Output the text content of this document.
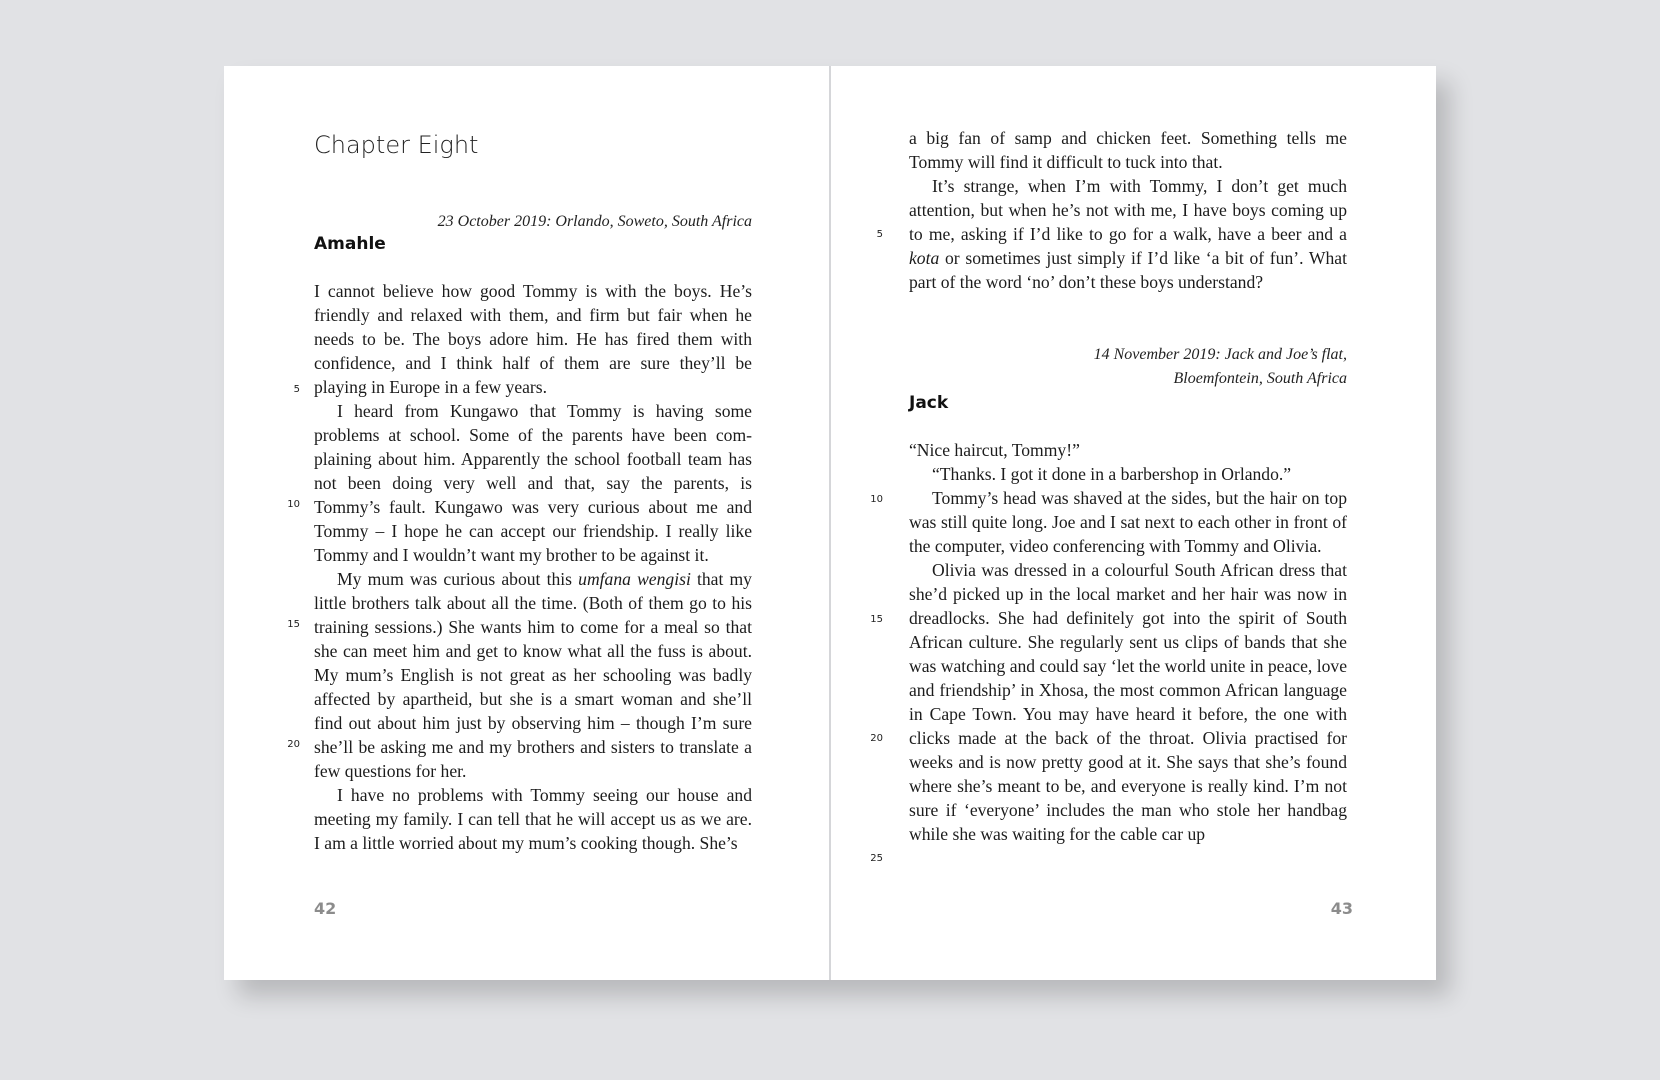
Chapter Eight
23 October 2019: Orlando, Soweto, South Africa
Amahle

I cannot believe how good Tommy is with the boys. He’s friendly and relaxed with them, and firm but fair when he needs to be. The boys adore him. He has fired them with confidence, and I think half of them are sure they’ll be playing in Europe in a few years.

I heard from Kungawo that Tommy is having some problems at school. Some of the parents have been complaining about him. Apparently the school football team has not been doing very well and that, say the parents, is Tommy’s fault. Kungawo was very curious about me and Tommy – I hope he can accept our friendship. I really like Tommy and I wouldn’t want my brother to be against it.

My mum was curious about this umfana wengisi that my little brothers talk about all the time. (Both of them go to his training sessions.) She wants him to come for a meal so that she can meet him and get to know what all the fuss is about. My mum’s English is not great as her schooling was badly affected by apartheid, but she is a smart woman and she’ll find out about him just by observing him – though I’m sure she’ll be asking me and my brothers and sisters to translate a few questions for her.

I have no problems with Tommy seeing our house and meeting my family. I can tell that he will accept us as we are. I am a little worried about my mum’s cooking though. She’s

5
10
15
20
42

a big fan of samp and chicken feet. Something tells me Tommy will find it difficult to tuck into that.

It’s strange, when I’m with Tommy, I don’t get much attention, but when he’s not with me, I have boys coming up to me, asking if I’d like to go for a walk, have a beer and a kota or sometimes just simply if I’d like ‘a bit of fun’. What part of the word ‘no’ don’t these boys understand?

14 November 2019: Jack and Joe’s flat,
Bloemfontein, South Africa
Jack

“Nice haircut, Tommy!”

“Thanks. I got it done in a barbershop in Orlando.”

Tommy’s head was shaved at the sides, but the hair on top was still quite long. Joe and I sat next to each other in front of the computer, video conferencing with Tommy and Olivia.

Olivia was dressed in a colourful South African dress that she’d picked up in the local market and her hair was now in dreadlocks. She had definitely got into the spirit of South African culture. She regularly sent us clips of bands that she was watching and could say ‘let the world unite in peace, love and friendship’ in Xhosa, the most common African language in Cape Town. You may have heard it before, the one with clicks made at the back of the throat. Olivia practised for weeks and is now pretty good at it. She says that she’s found where she’s meant to be, and everyone is really kind. I’m not sure if ‘everyone’ includes the man who stole her handbag while she was waiting for the cable car up

5
10
15
20
25
43
